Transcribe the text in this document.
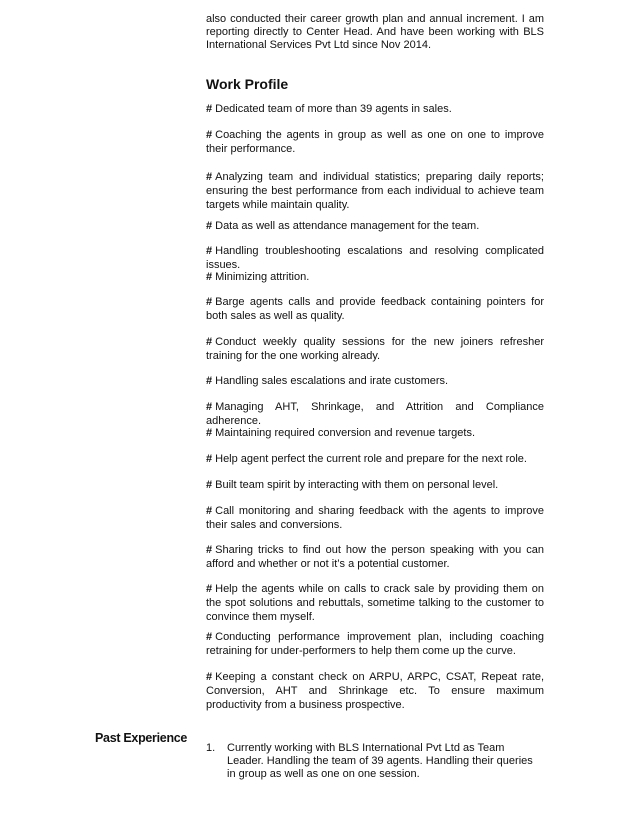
also conducted their career growth plan and annual increment. I am reporting directly to Center Head. And have been working with BLS International Services Pvt Ltd since Nov 2014.

Work Profile
# Dedicated team of more than 39 agents in sales.
# Coaching the agents in group as well as one on one to improve their performance.
# Analyzing team and individual statistics; preparing daily reports; ensuring the best performance from each individual to achieve team targets while maintain quality.
# Data as well as attendance management for the team.
# Handling troubleshooting escalations and resolving complicated issues.
# Minimizing attrition.
# Barge agents calls and provide feedback containing pointers for both sales as well as quality.
# Conduct weekly quality sessions for the new joiners refresher training for the one working already.
# Handling sales escalations and irate customers.
# Managing AHT, Shrinkage, and Attrition and Compliance adherence.
# Maintaining required conversion and revenue targets.
# Help agent perfect the current role and prepare for the next role.
# Built team spirit by interacting with them on personal level.
# Call monitoring and sharing feedback with the agents to improve their sales and conversions.
# Sharing tricks to find out how the person speaking with you can afford and whether or not it’s a potential customer.
# Help the agents while on calls to crack sale by providing them on the spot solutions and rebuttals, sometime talking to the customer to convince them myself.
# Conducting performance improvement plan, including coaching retraining for under-performers to help them come up the curve.
# Keeping a constant check on ARPU, ARPC, CSAT, Repeat rate, Conversion, AHT and Shrinkage etc. To ensure maximum productivity from a business prospective.
Past Experience
1.	Currently working with BLS International Pvt Ltd as Team Leader. Handling the team of 39 agents. Handling their queries in group as well as one on one session.
